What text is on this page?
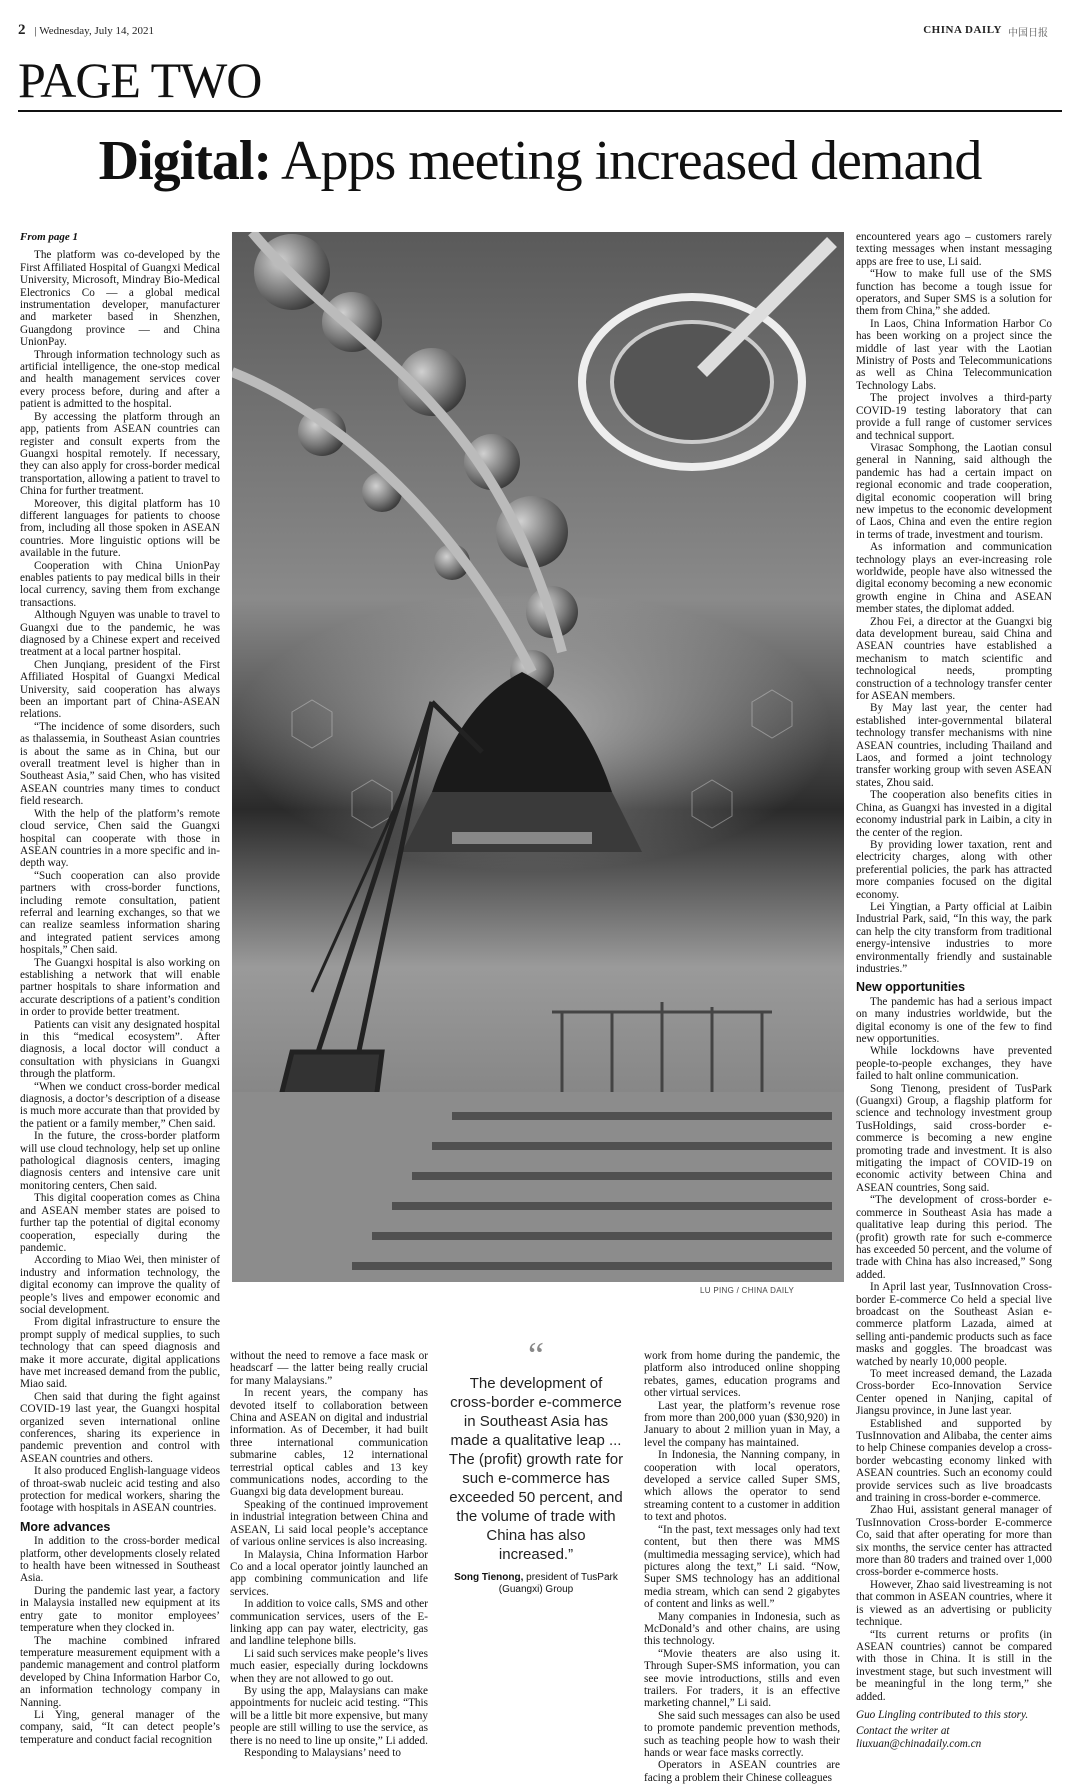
2 | Wednesday, July 14, 2021	CHINA DAILY 中国日报
PAGE TWO
Digital: Apps meeting increased demand

From page 1

The platform was co-developed by the First Affiliated Hospital of Guangxi Medical University, Microsoft, Mindray Bio-Medical Electronics Co — a global medical instrumentation developer, manufacturer and marketer based in Shenzhen, Guangdong province — and China UnionPay.

Through information technology such as artificial intelligence, the one-stop medical and health management services cover every process before, during and after a patient is admitted to the hospital.

By accessing the platform through an app, patients from ASEAN countries can register and consult experts from the Guangxi hospital remotely. If necessary, they can also apply for cross-border medical transportation, allowing a patient to travel to China for further treatment.

Moreover, this digital platform has 10 different languages for patients to choose from, including all those spoken in ASEAN countries. More linguistic options will be available in the future.

Cooperation with China UnionPay enables patients to pay medical bills in their local currency, saving them from exchange transactions.

Although Nguyen was unable to travel to Guangxi due to the pandemic, he was diagnosed by a Chinese expert and received treatment at a local partner hospital.

Chen Junqiang, president of the First Affiliated Hospital of Guangxi Medical University, said cooperation has always been an important part of China-ASEAN relations.

“The incidence of some disorders, such as thalassemia, in Southeast Asian countries is about the same as in China, but our overall treatment level is higher than in Southeast Asia,” said Chen, who has visited ASEAN countries many times to conduct field research.

With the help of the platform’s remote cloud service, Chen said the Guangxi hospital can cooperate with those in ASEAN countries in a more specific and in-depth way.

“Such cooperation can also provide partners with cross-border functions, including remote consultation, patient referral and learning exchanges, so that we can realize seamless information sharing and integrated patient services among hospitals,” Chen said.

The Guangxi hospital is also working on establishing a network that will enable partner hospitals to share information and accurate descriptions of a patient’s condition in order to provide better treatment.

Patients can visit any designated hospital in this “medical ecosystem”. After diagnosis, a local doctor will conduct a consultation with physicians in Guangxi through the platform.

“When we conduct cross-border medical diagnosis, a doctor’s description of a disease is much more accurate than that provided by the patient or a family member,” Chen said.

In the future, the cross-border platform will use cloud technology, help set up online pathological diagnosis centers, imaging diagnosis centers and intensive care unit monitoring centers, Chen said.

This digital cooperation comes as China and ASEAN member states are poised to further tap the potential of digital economy cooperation, especially during the pandemic.

According to Miao Wei, then minister of industry and information technology, the digital economy can improve the quality of people’s lives and empower economic and social development.

From digital infrastructure to ensure the prompt supply of medical supplies, to such technology that can speed diagnosis and make it more accurate, digital applications have met increased demand from the public, Miao said.

Chen said that during the fight against COVID-19 last year, the Guangxi hospital organized seven international online conferences, sharing its experience in pandemic prevention and control with ASEAN countries and others.

It also produced English-language videos of throat-swab nucleic acid testing and also protection for medical workers, sharing the footage with hospitals in ASEAN countries.

More advances

In addition to the cross-border medical platform, other developments closely related to health have been witnessed in Southeast Asia.

During the pandemic last year, a factory in Malaysia installed new equipment at its entry gate to monitor employees’ temperature when they clocked in.

The machine combined infrared temperature measurement equipment with a pandemic management and control platform developed by China Information Harbor Co, an information technology company in Nanning.

Li Ying, general manager of the company, said, “It can detect people’s temperature and conduct facial recognition

LU PING / CHINA DAILY

without the need to remove a face mask or headscarf — the latter being really crucial for many Malaysians.”

In recent years, the company has devoted itself to collaboration between China and ASEAN on digital and industrial information. As of December, it had built three international communication submarine cables, 12 international terrestrial optical cables and 13 key communications nodes, according to the Guangxi big data development bureau.

Speaking of the continued improvement in industrial integration between China and ASEAN, Li said local people’s acceptance of various online services is also increasing.

In Malaysia, China Information Harbor Co and a local operator jointly launched an app combining communication and life services.

In addition to voice calls, SMS and other communication services, users of the E-linking app can pay water, electricity, gas and landline telephone bills.

Li said such services make people’s lives much easier, especially during lockdowns when they are not allowed to go out.

By using the app, Malaysians can make appointments for nucleic acid testing. “This will be a little bit more expensive, but many people are still willing to use the service, as there is no need to line up onsite,” Li added.

Responding to Malaysians’ need to

“
The development of cross-border e-commerce in Southeast Asia has made a qualitative leap ... The (profit) growth rate for such e-commerce has exceeded 50 percent, and the volume of trade with China has also increased.”
Song Tienong, president of TusPark (Guangxi) Group

work from home during the pandemic, the platform also introduced online shopping rebates, games, education programs and other virtual services.

Last year, the platform’s revenue rose from more than 200,000 yuan ($30,920) in January to about 2 million yuan in May, a level the company has maintained.

In Indonesia, the Nanning company, in cooperation with local operators, developed a service called Super SMS, which allows the operator to send streaming content to a customer in addition to text and photos.

“In the past, text messages only had text content, but then there was MMS (multimedia messaging service), which had pictures along the text,” Li said. “Now, Super SMS technology has an additional media stream, which can send 2 gigabytes of content and links as well.”

Many companies in Indonesia, such as McDonald’s and other chains, are using this technology.

“Movie theaters are also using it. Through Super-SMS information, you can see movie introductions, stills and even trailers. For traders, it is an effective marketing channel,” Li said.

She said such messages can also be used to promote pandemic prevention methods, such as teaching people how to wash their hands or wear face masks correctly.

Operators in ASEAN countries are facing a problem their Chinese colleagues

encountered years ago – customers rarely texting messages when instant messaging apps are free to use, Li said.

“How to make full use of the SMS function has become a tough issue for operators, and Super SMS is a solution for them from China,” she added.

In Laos, China Information Harbor Co has been working on a project since the middle of last year with the Laotian Ministry of Posts and Telecommunications as well as China Telecommunication Technology Labs.

The project involves a third-party COVID-19 testing laboratory that can provide a full range of customer services and technical support.

Virasac Somphong, the Laotian consul general in Nanning, said although the pandemic has had a certain impact on regional economic and trade cooperation, digital economic cooperation will bring new impetus to the economic development of Laos, China and even the entire region in terms of trade, investment and tourism.

As information and communication technology plays an ever-increasing role worldwide, people have also witnessed the digital economy becoming a new economic growth engine in China and ASEAN member states, the diplomat added.

Zhou Fei, a director at the Guangxi big data development bureau, said China and ASEAN countries have established a mechanism to match scientific and technological needs, prompting construction of a technology transfer center for ASEAN members.

By May last year, the center had established inter-governmental bilateral technology transfer mechanisms with nine ASEAN countries, including Thailand and Laos, and formed a joint technology transfer working group with seven ASEAN states, Zhou said.

The cooperation also benefits cities in China, as Guangxi has invested in a digital economy industrial park in Laibin, a city in the center of the region.

By providing lower taxation, rent and electricity charges, along with other preferential policies, the park has attracted more companies focused on the digital economy.

Lei Yingtian, a Party official at Laibin Industrial Park, said, “In this way, the park can help the city transform from traditional energy-intensive industries to more environmentally friendly and sustainable industries.”

New opportunities

The pandemic has had a serious impact on many industries worldwide, but the digital economy is one of the few to find new opportunities.

While lockdowns have prevented people-to-people exchanges, they have failed to halt online communication.

Song Tienong, president of TusPark (Guangxi) Group, a flagship platform for science and technology investment group TusHoldings, said cross-border e-commerce is becoming a new engine promoting trade and investment. It is also mitigating the impact of COVID-19 on economic activity between China and ASEAN countries, Song said.

“The development of cross-border e-commerce in Southeast Asia has made a qualitative leap during this period. The (profit) growth rate for such e-commerce has exceeded 50 percent, and the volume of trade with China has also increased,” Song added.

In April last year, TusInnovation Cross-border E-commerce Co held a special live broadcast on the Southeast Asian e-commerce platform Lazada, aimed at selling anti-pandemic products such as face masks and goggles. The broadcast was watched by nearly 10,000 people.

To meet increased demand, the Lazada Cross-border Eco-Innovation Service Center opened in Nanjing, capital of Jiangsu province, in June last year.

Established and supported by TusInnovation and Alibaba, the center aims to help Chinese companies develop a cross-border webcasting economy linked with ASEAN countries. Such an economy could provide services such as live broadcasts and training in cross-border e-commerce.

Zhao Hui, assistant general manager of TusInnovation Cross-border E-commerce Co, said that after operating for more than six months, the service center has attracted more than 80 traders and trained over 1,000 cross-border e-commerce hosts.

However, Zhao said livestreaming is not that common in ASEAN countries, where it is viewed as an advertising or publicity technique.

“Its current returns or profits (in ASEAN countries) cannot be compared with those in China. It is still in the investment stage, but such investment will be meaningful in the long term,” she added.

Guo Lingling contributed to this story.

Contact the writer at

liuxuan@chinadaily.com.cn
